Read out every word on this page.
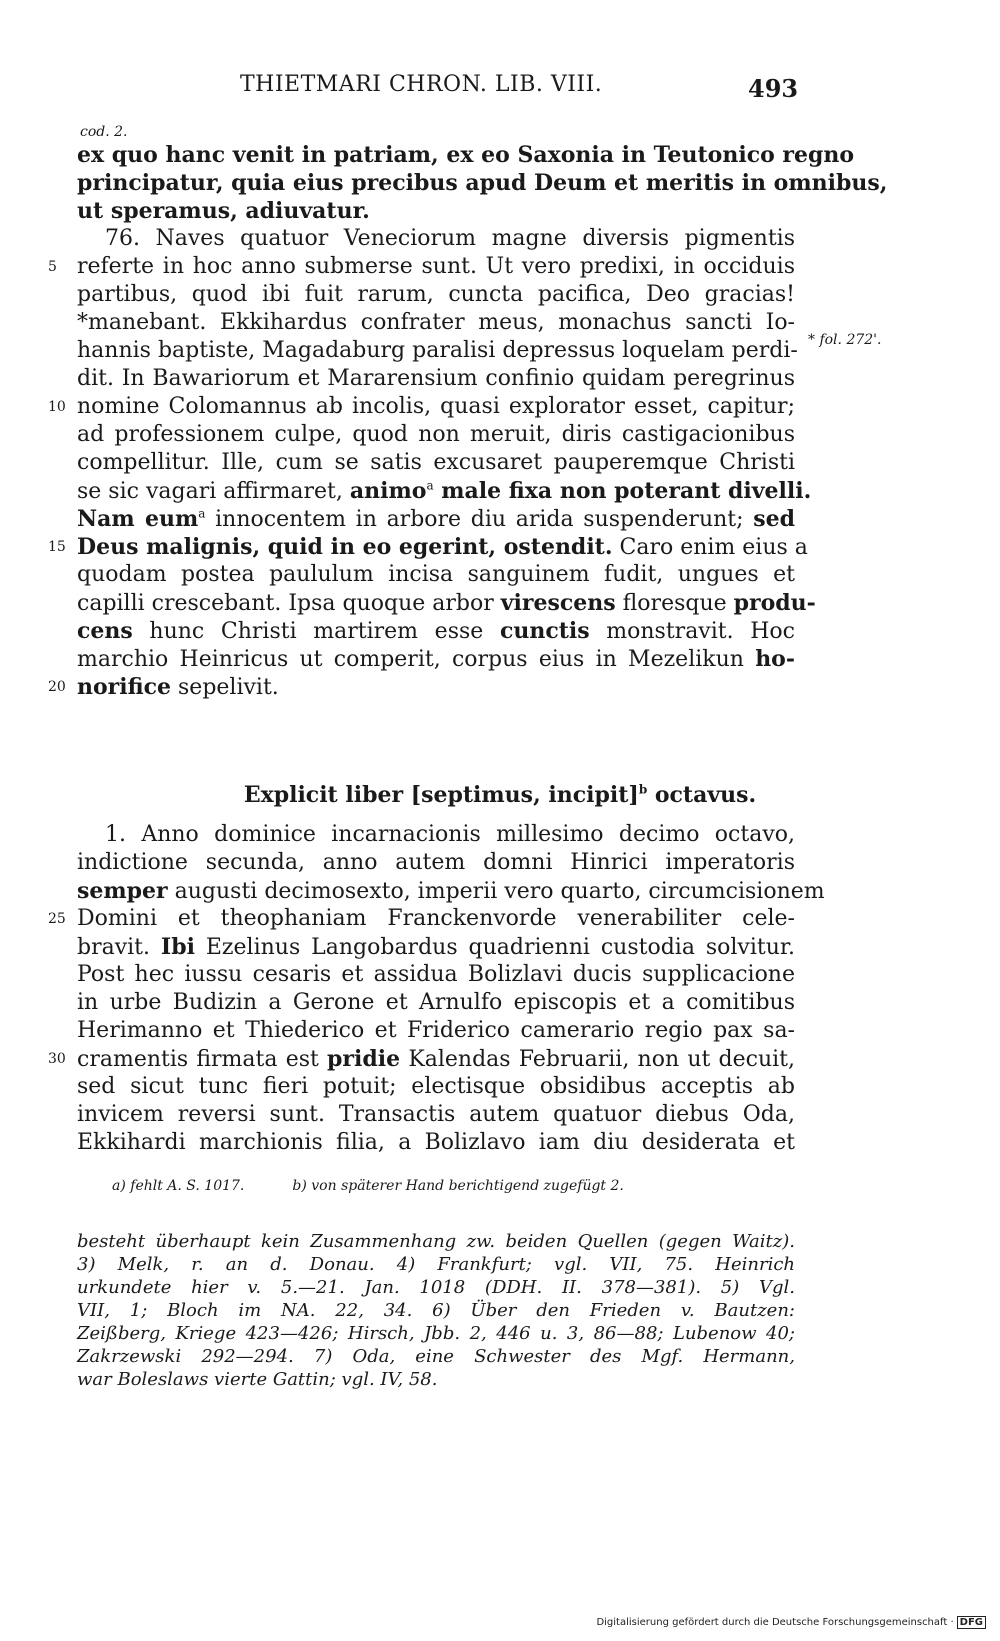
THIETMARI CHRON. LIB. VIII.	493
cod. 2.
ex quo hanc venit in patriam, ex eo Saxonia in Teutonico regno
principatur, quia eius precibus apud Deum et meritis in omnibus,
ut speramus, adiuvatur.
76. Naves quatuor Veneciorum magne diversis pigmentis
referte in hoc anno submerse sunt. Ut vero predixi, in occiduis
partibus, quod ibi fuit rarum, cuncta pacifica, Deo gracias!
*manebant. Ekkihardus confrater meus, monachus sancti Io-
hannis baptiste, Magadaburg paralisi depressus loquelam perdi-
dit. In Bawariorum et Mararensium confinio quidam peregrinus
nomine Colomannus ab incolis, quasi explorator esset, capitur;
ad professionem culpe, quod non meruit, diris castigacionibus
compellitur. Ille, cum se satis excusaret pauperemque Christi
se sic vagari affirmaret, animo$^a$ male fixa non poterant divelli.
Nam eum$^a$ innocentem in arbore diu arida suspenderunt; sed
Deus malignis, quid in eo egerint, ostendit. Caro enim eius a
quodam postea paululum incisa sanguinem fudit, ungues et
capilli crescebant. Ipsa quoque arbor virescens floresque produ-
cens hunc Christi martirem esse cunctis monstravit. Hoc
marchio Heinricus ut comperit, corpus eius in Mezelikun ho-
norifice sepelivit.
5
10
15
20
25
30
* fol. 272'.
Explicit liber [septimus, incipit]$^b$ octavus.
1. Anno dominice incarnacionis millesimo decimo octavo,
indictione secunda, anno autem domni Hinrici imperatoris
semper augusti decimosexto, imperii vero quarto, circumcisionem
Domini et theophaniam Franckenvorde venerabiliter cele-
bravit. Ibi Ezelinus Langobardus quadrienni custodia solvitur.
Post hec iussu cesaris et assidua Bolizlavi ducis supplicacione
in urbe Budizin a Gerone et Arnulfo episcopis et a comitibus
Herimanno et Thiederico et Friderico camerario regio pax sa-
cramentis firmata est pridie Kalendas Februarii, non ut decuit,
sed sicut tunc fieri potuit; electisque obsidibus acceptis ab
invicem reversi sunt. Transactis autem quatuor diebus Oda,
Ekkihardi marchionis filia, a Bolizlavo iam diu desiderata et
a) fehlt A. S. 1017.	b) von späterer Hand berichtigend zugefügt 2.
besteht überhaupt kein Zusammenhang zw. beiden Quellen (gegen Waitz).
3) Melk, r. an d. Donau. 4) Frankfurt; vgl. VII, 75. Heinrich
urkundete hier v. 5.—21. Jan. 1018 (DDH. II. 378—381). 5) Vgl.
VII, 1; Bloch im NA. 22, 34. 6) Über den Frieden v. Bautzen:
Zeißberg, Kriege 423—426; Hirsch, Jbb. 2, 446 u. 3, 86—88; Lubenow 40;
Zakrzewski 292—294. 7) Oda, eine Schwester des Mgf. Hermann,
war Boleslaws vierte Gattin; vgl. IV, 58.
Digitalisierung gefördert durch die Deutsche Forschungsgemeinschaft · DFG
